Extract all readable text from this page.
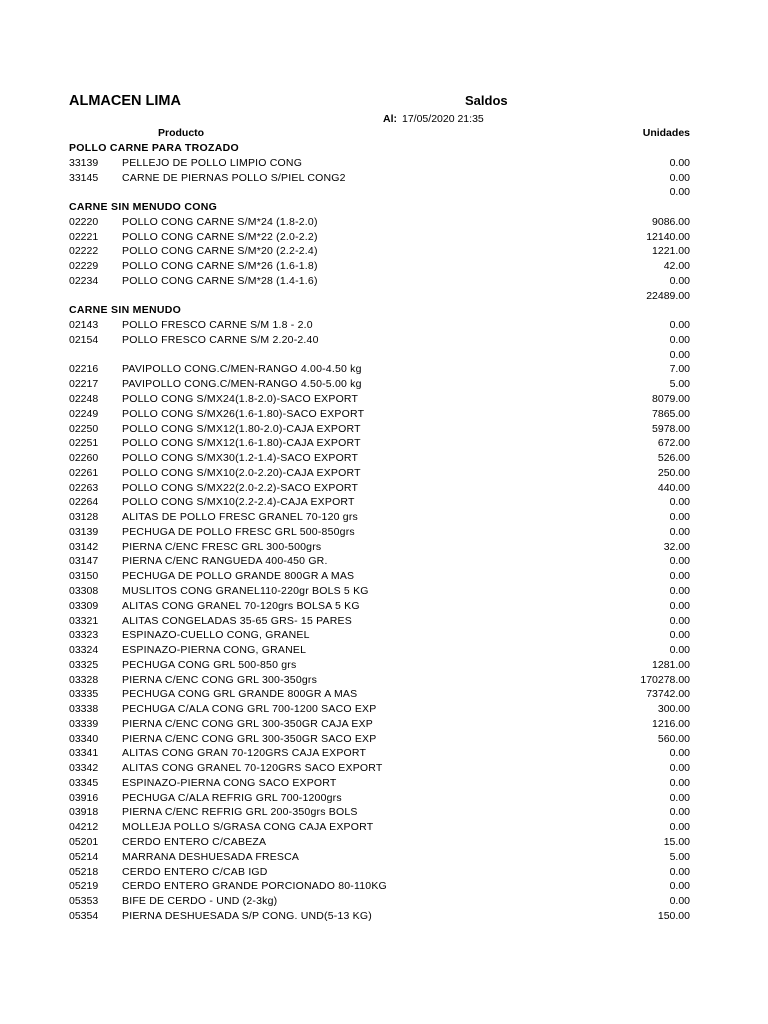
ALMACEN LIMA	Saldos
Al: 17/05/2020 21:35
Producto	Unidades
POLLO CARNE PARA TROZADO
33139 PELLEJO DE POLLO LIMPIO CONG	0.00
33145 CARNE DE PIERNAS POLLO S/PIEL CONG2	0.00
0.00
CARNE SIN MENUDO CONG
02220 POLLO CONG CARNE S/M*24 (1.8-2.0)	9086.00
02221 POLLO CONG CARNE S/M*22 (2.0-2.2)	12140.00
02222 POLLO CONG CARNE S/M*20 (2.2-2.4)	1221.00
02229 POLLO CONG CARNE S/M*26 (1.6-1.8)	42.00
02234 POLLO CONG CARNE S/M*28 (1.4-1.6)	0.00
22489.00
CARNE SIN MENUDO
02143 POLLO FRESCO CARNE S/M 1.8 - 2.0	0.00
02154 POLLO FRESCO CARNE S/M 2.20-2.40	0.00
0.00
02216 PAVIPOLLO CONG.C/MEN-RANGO 4.00-4.50 kg	7.00
02217 PAVIPOLLO CONG.C/MEN-RANGO 4.50-5.00 kg	5.00
02248 POLLO CONG S/MX24(1.8-2.0)-SACO EXPORT	8079.00
02249 POLLO CONG S/MX26(1.6-1.80)-SACO EXPORT	7865.00
02250 POLLO CONG S/MX12(1.80-2.0)-CAJA EXPORT	5978.00
02251 POLLO CONG S/MX12(1.6-1.80)-CAJA EXPORT	672.00
02260 POLLO CONG S/MX30(1.2-1.4)-SACO EXPORT	526.00
02261 POLLO CONG S/MX10(2.0-2.20)-CAJA EXPORT	250.00
02263 POLLO CONG S/MX22(2.0-2.2)-SACO EXPORT	440.00
02264 POLLO CONG S/MX10(2.2-2.4)-CAJA EXPORT	0.00
03128 ALITAS DE POLLO FRESC GRANEL 70-120 grs	0.00
03139 PECHUGA DE POLLO FRESC GRL 500-850grs	0.00
03142 PIERNA C/ENC FRESC GRL 300-500grs	32.00
03147 PIERNA C/ENC RANGUEDA 400-450 GR.	0.00
03150 PECHUGA DE POLLO GRANDE 800GR A MAS	0.00
03308 MUSLITOS CONG GRANEL110-220gr BOLS 5 KG	0.00
03309 ALITAS CONG GRANEL 70-120grs BOLSA 5 KG	0.00
03321 ALITAS CONGELADAS 35-65 GRS- 15 PARES	0.00
03323 ESPINAZO-CUELLO CONG, GRANEL	0.00
03324 ESPINAZO-PIERNA CONG, GRANEL	0.00
03325 PECHUGA CONG GRL 500-850 grs	1281.00
03328 PIERNA C/ENC CONG GRL 300-350grs	170278.00
03335 PECHUGA CONG GRL GRANDE 800GR A MAS	73742.00
03338 PECHUGA C/ALA CONG GRL 700-1200 SACO EXP	300.00
03339 PIERNA C/ENC CONG GRL 300-350GR CAJA EXP	1216.00
03340 PIERNA C/ENC CONG GRL 300-350GR SACO EXP	560.00
03341 ALITAS CONG GRAN 70-120GRS CAJA EXPORT	0.00
03342 ALITAS CONG GRANEL 70-120GRS SACO EXPORT	0.00
03345 ESPINAZO-PIERNA CONG SACO EXPORT	0.00
03916 PECHUGA C/ALA REFRIG GRL 700-1200grs	0.00
03918 PIERNA C/ENC REFRIG GRL 200-350grs BOLS	0.00
04212 MOLLEJA POLLO S/GRASA CONG CAJA EXPORT	0.00
05201 CERDO ENTERO C/CABEZA	15.00
05214 MARRANA DESHUESADA FRESCA	5.00
05218 CERDO ENTERO C/CAB IGD	0.00
05219 CERDO ENTERO GRANDE PORCIONADO 80-110KG	0.00
05353 BIFE DE CERDO - UND (2-3kg)	0.00
05354 PIERNA DESHUESADA S/P CONG. UND(5-13 KG)	150.00
